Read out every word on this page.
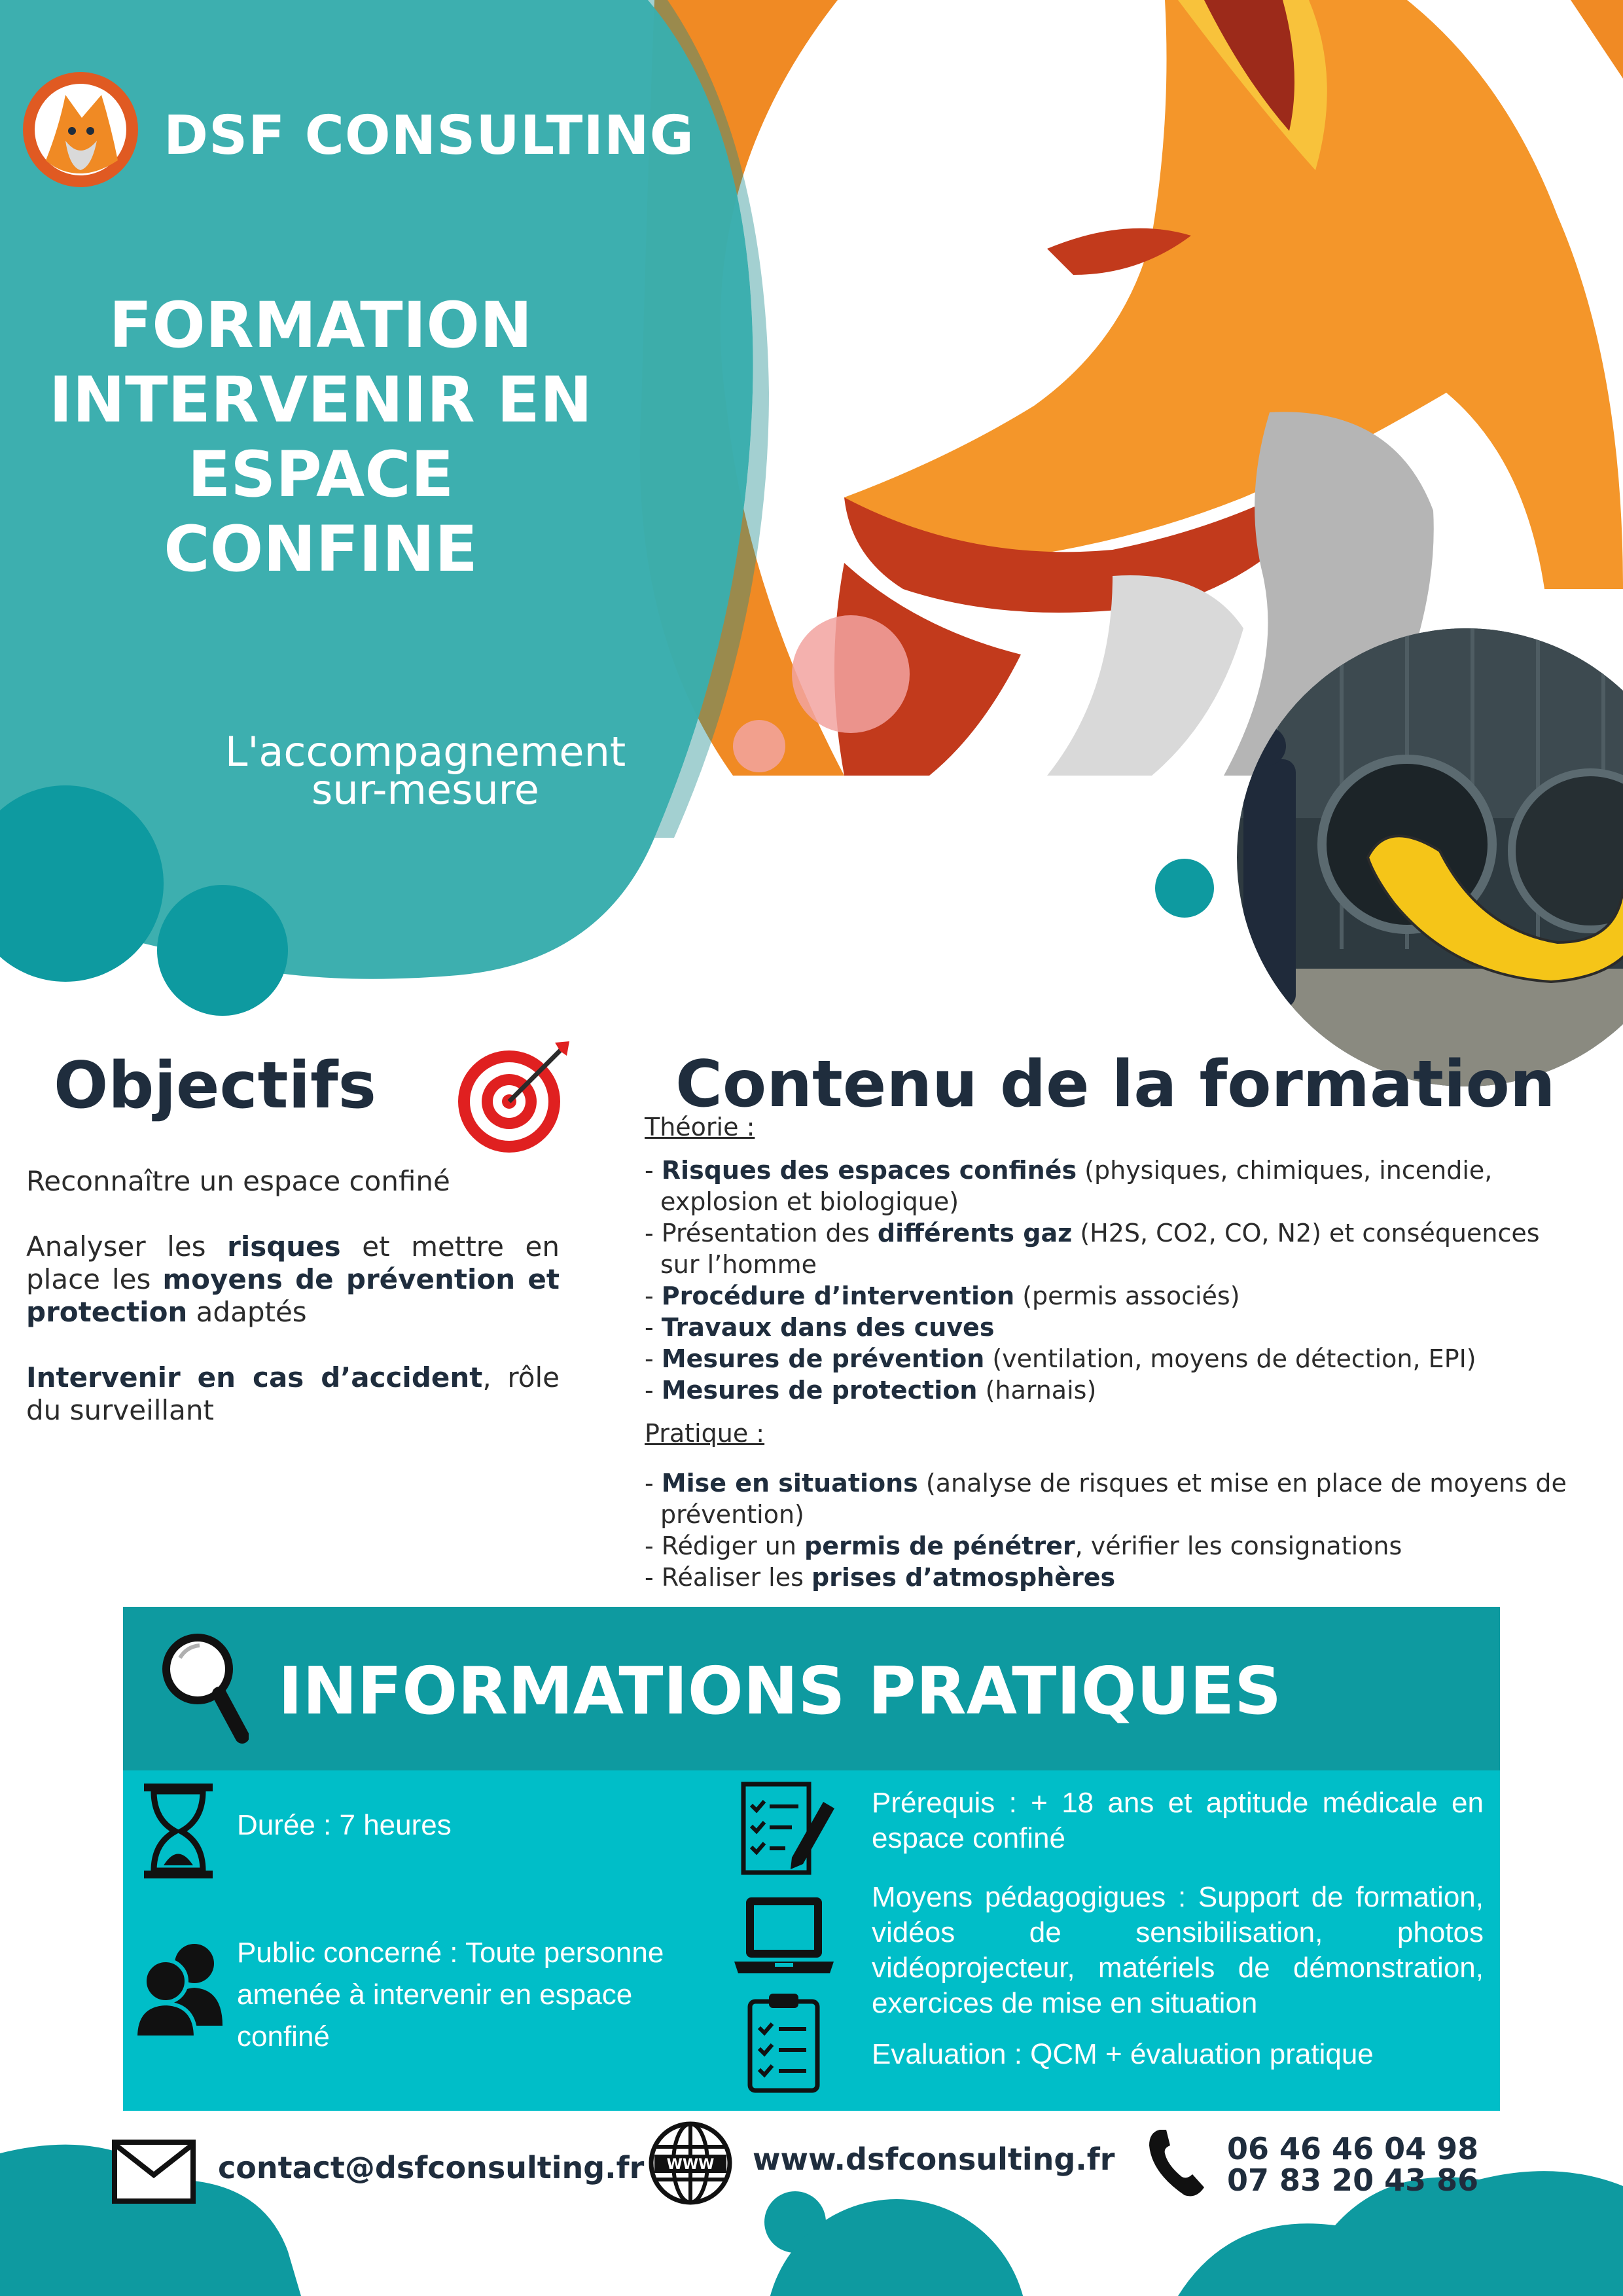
DSF CONSULTING
FORMATION
INTERVENIR EN
ESPACE
CONFINE
L'accompagnement
sur-mesure
Objectifs

Reconnaître un espace confiné

Analyser les risques et mettre en place les moyens de prévention et protection adaptés

Intervenir en cas d’accident, rôle du surveillant

Contenu de la formation

Théorie :

- Risques des espaces confinés (physiques, chimiques, incendie, explosion et biologique)
- Présentation des différents gaz (H2S, CO2, CO, N2) et conséquences sur l’homme
- Procédure d’intervention (permis associés)
- Travaux dans des cuves
- Mesures de prévention (ventilation, moyens de détection, EPI)
- Mesures de protection (harnais)

Pratique :

- Mise en situations (analyse de risques et mise en place de moyens de prévention)
- Rédiger un permis de pénétrer, vérifier les consignations
- Réaliser les prises d’atmosphères
INFORMATIONS PRATIQUES
Durée : 7 heures
Public concerné : Toute personne amenée à intervenir en espace confiné
Prérequis : + 18 ans et aptitude médicale en espace confiné
Moyens pédagogigues : Support de formation, vidéos de sensibilisation, photos vidéoprojecteur, matériels de démonstration, exercices de mise en situation
Evaluation : QCM + évaluation pratique
contact@dsfconsulting.fr WWW www.dsfconsulting.fr	06 46 46 04 98
07 83 20 43 86
